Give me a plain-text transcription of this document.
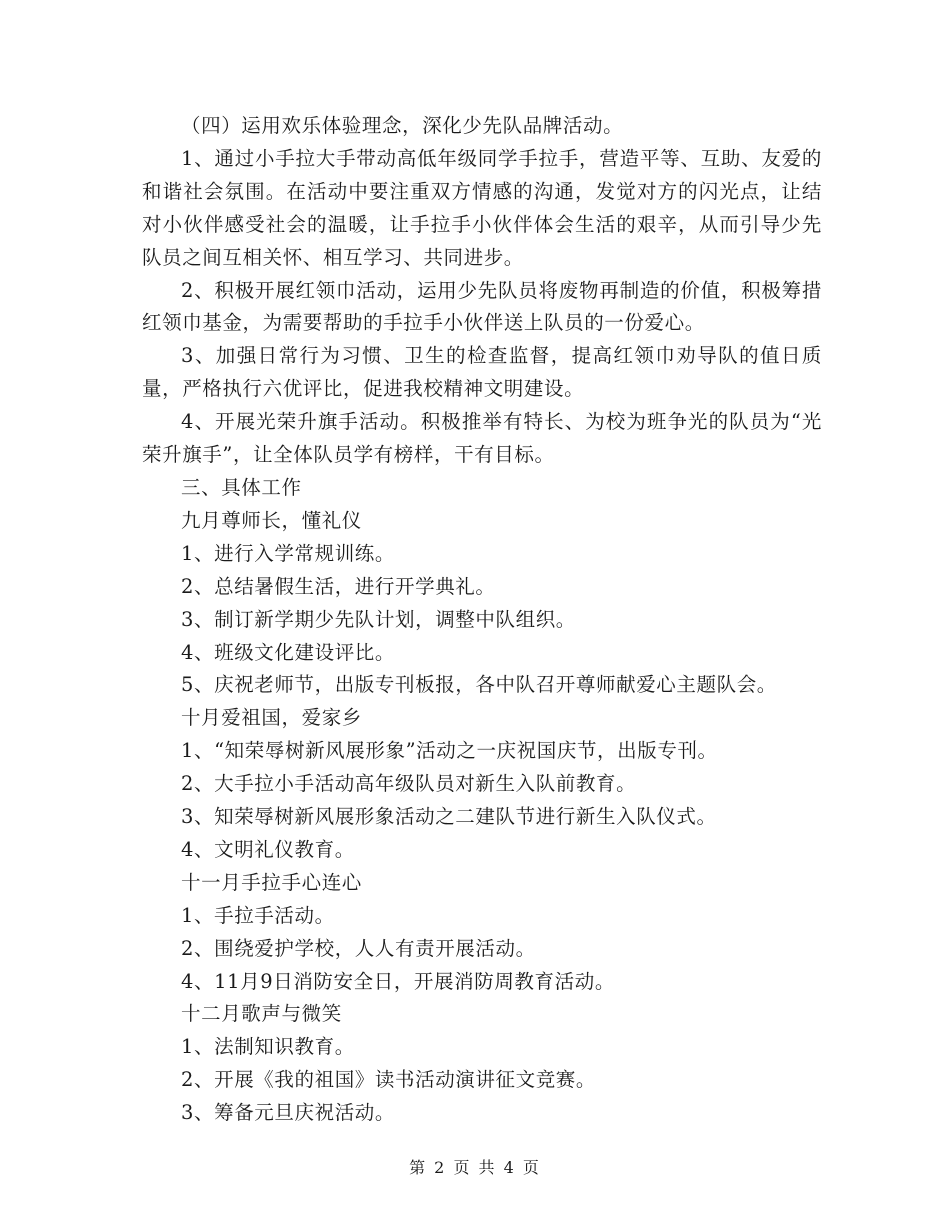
（四）运用欢乐体验理念，深化少先队品牌活动。

1、通过小手拉大手带动高低年级同学手拉手，营造平等、互助、友爱的和谐社会氛围。在活动中要注重双方情感的沟通，发觉对方的闪光点，让结对小伙伴感受社会的温暖，让手拉手小伙伴体会生活的艰辛，从而引导少先队员之间互相关怀、相互学习、共同进步。

2、积极开展红领巾活动，运用少先队员将废物再制造的价值，积极筹措红领巾基金，为需要帮助的手拉手小伙伴送上队员的一份爱心。

3、加强日常行为习惯、卫生的检查监督，提高红领巾劝导队的值日质量，严格执行六优评比，促进我校精神文明建设。

4、开展光荣升旗手活动。积极推举有特长、为校为班争光的队员为“光荣升旗手”，让全体队员学有榜样，干有目标。

三、具体工作

九月尊师长，懂礼仪

1、进行入学常规训练。

2、总结暑假生活，进行开学典礼。

3、制订新学期少先队计划，调整中队组织。

4、班级文化建设评比。

5、庆祝老师节，出版专刊板报，各中队召开尊师献爱心主题队会。

十月爱祖国，爱家乡

1、“知荣辱树新风展形象”活动之一庆祝国庆节，出版专刊。

2、大手拉小手活动高年级队员对新生入队前教育。

3、知荣辱树新风展形象活动之二建队节进行新生入队仪式。

4、文明礼仪教育。

十一月手拉手心连心

1、手拉手活动。

2、围绕爱护学校，人人有责开展活动。

4、11月9日消防安全日，开展消防周教育活动。

十二月歌声与微笑

1、法制知识教育。

2、开展《我的祖国》读书活动演讲征文竞赛。

3、筹备元旦庆祝活动。

第 2 页 共 4 页
